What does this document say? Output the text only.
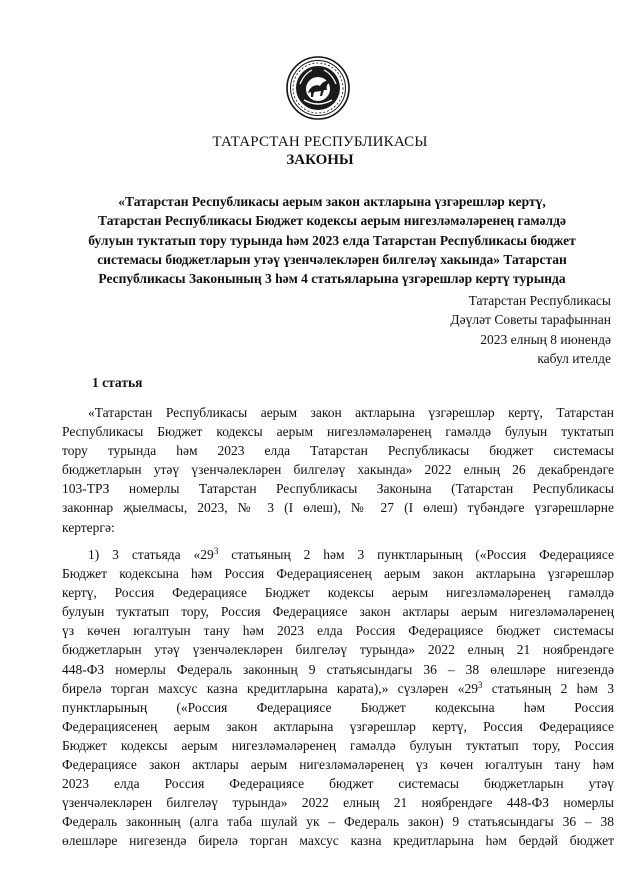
ТАТАРСТАН РЕСПУБЛИКАСЫ
ЗАКОНЫ
«Татарстан Республикасы аерым закон актларына үзгәрешләр кертү,
Татарстан Республикасы Бюджет кодексы аерым нигезләмәләренең гамәлдә
булуын туктатып тору турында һәм 2023 елда Татарстан Республикасы бюджет
системасы бюджетларын утәү үзенчәлекләрен билгеләү хакында» Татарстан
Республикасы Законының 3 һәм 4 статьяларына үзгәрешләр кертү турында
Татарстан Республикасы
Дәүләт Советы тарафыннан
2023 елның 8 июнендә
кабул ителде
1 статья
«Татарстан Республикасы аерым закон актларына үзгәрешләр кертү, Татарстан
Республикасы Бюджет кодексы аерым нигезләмәләренең гамәлдә булуын туктатып
тору турында һәм 2023 елда Татарстан Республикасы бюджет системасы
бюджетларын утәү үзенчәлекләрен билгеләү хакында» 2022 елның 26 декабрендәге
103-ТРЗ номерлы Татарстан Республикасы Законына (Татарстан Республикасы
законнар җыелмасы, 2023, № 3 (I өлеш), № 27 (I өлеш) түбәндәге үзгәрешләрне
кертергә:
1) 3 статьяда «$29^3$ статьяның 2 һәм 3 пунктларының («Россия Федерациясе
Бюджет кодексына һәм Россия Федерациясенең аерым закон актларына үзгәрешләр
кертү, Россия Федерациясе Бюджет кодексы аерым нигезләмәләренең гамәлдә
булуын туктатып тору, Россия Федерациясе закон актлары аерым нигезләмәләренең
үз көчен югалтуын тану һәм 2023 елда Россия Федерациясе бюджет системасы
бюджетларын утәү үзенчәлекләрен билгеләү турында» 2022 елның 21 ноябрендәге
448-ФЗ номерлы Федераль законның 9 статьясындагы 36 – 38 өлешләре нигезендә
бирелә торган махсус казна кредитларына карата),» сүзләрен «$29^3$ статьяның 2 һәм 3
пунктларының («Россия Федерациясе Бюджет кодексына һәм Россия
Федерациясенең аерым закон актларына үзгәрешләр кертү, Россия Федерациясе
Бюджет кодексы аерым нигезләмәләренең гамәлдә булуын туктатып тору, Россия
Федерациясе закон актлары аерым нигезләмәләренең үз көчен югалтуын тану һәм
2023 елда Россия Федерациясе бюджет системасы бюджетларын утәү
үзенчәлекләрен билгеләү турында» 2022 елның 21 ноябрендәге 448-ФЗ номерлы
Федераль законның (алга таба шулай ук – Федераль закон) 9 статьясындагы 36 – 38
өлешләре нигезендә бирелә торган махсус казна кредитларына һәм бердәй бюджет
